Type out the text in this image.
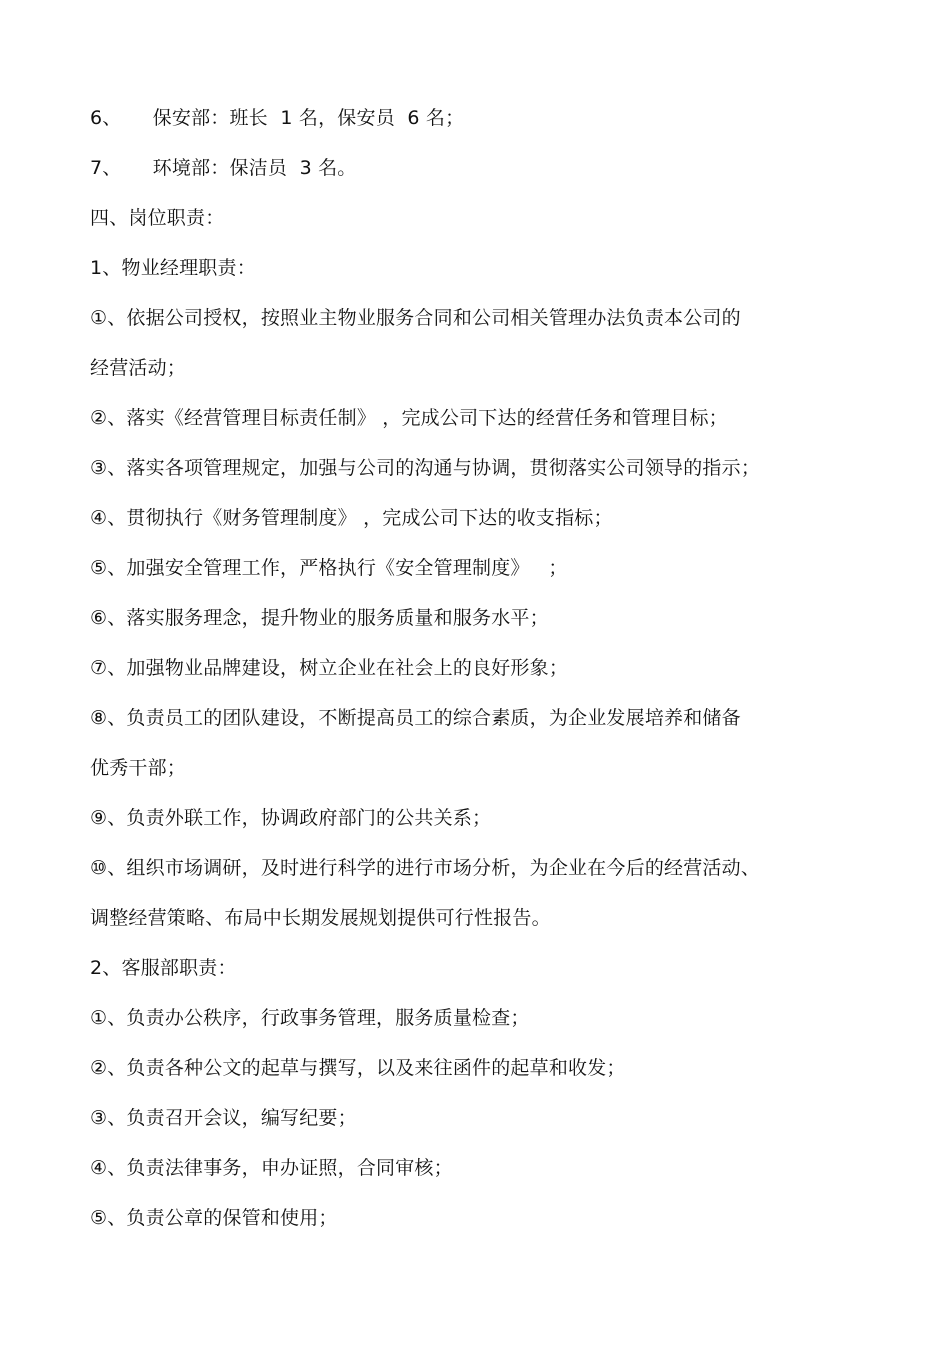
6、     保安部：班长  1 名，保安员  6 名；
7、     环境部：保洁员  3 名。
四、岗位职责：
1、物业经理职责：
①、依据公司授权，按照业主物业服务合同和公司相关管理办法负责本公司的
经营活动；
②、落实《经营管理目标责任制》 ，完成公司下达的经营任务和管理目标；
③、落实各项管理规定，加强与公司的沟通与协调，贯彻落实公司领导的指示；
④、贯彻执行《财务管理制度》 ，完成公司下达的收支指标；
⑤、加强安全管理工作，严格执行《安全管理制度》   ；
⑥、落实服务理念，提升物业的服务质量和服务水平；
⑦、加强物业品牌建设，树立企业在社会上的良好形象；
⑧、负责员工的团队建设，不断提高员工的综合素质，为企业发展培养和储备
优秀干部；
⑨、负责外联工作，协调政府部门的公共关系；
⑩、组织市场调研，及时进行科学的进行市场分析，为企业在今后的经营活动、
调整经营策略、布局中长期发展规划提供可行性报告。
2、客服部职责：
①、负责办公秩序，行政事务管理，服务质量检查；
②、负责各种公文的起草与撰写，以及来往函件的起草和收发；
③、负责召开会议，编写纪要；
④、负责法律事务，申办证照，合同审核；
⑤、负责公章的保管和使用；
